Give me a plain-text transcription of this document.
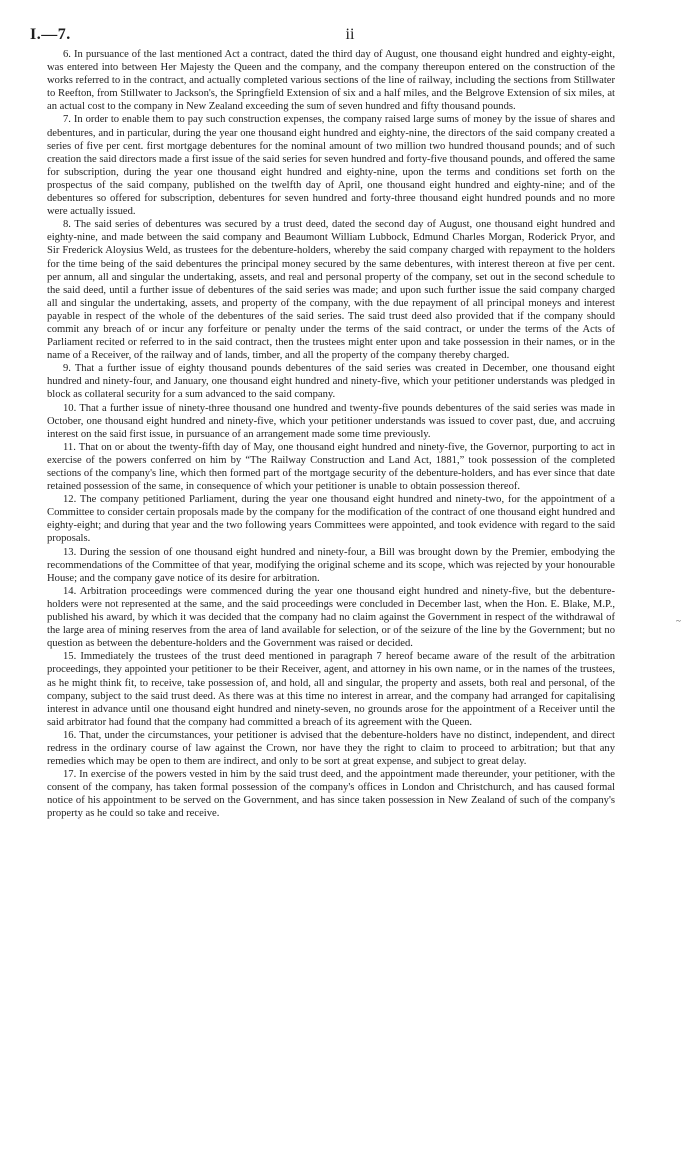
I.—7.	ii

6. In pursuance of the last mentioned Act a contract, dated the third day of August, one thousand eight hundred and eighty-eight, was entered into between Her Majesty the Queen and the company, and the company thereupon entered on the construction of the works referred to in the contract, and actually completed various sections of the line of railway, including the sections from Stillwater to Reefton, from Stillwater to Jackson's, the Springfield Extension of six and a half miles, and the Belgrove Extension of six miles, at an actual cost to the company in New Zealand exceeding the sum of seven hundred and fifty thousand pounds.

7. In order to enable them to pay such construction expenses, the company raised large sums of money by the issue of shares and debentures, and in particular, during the year one thousand eight hundred and eighty-nine, the directors of the said company created a series of five per cent. first mortgage debentures for the nominal amount of two million two hundred thousand pounds; and of such creation the said directors made a first issue of the said series for seven hundred and forty-five thousand pounds, and offered the same for subscription, during the year one thousand eight hundred and eighty-nine, upon the terms and conditions set forth on the prospectus of the said company, published on the twelfth day of April, one thousand eight hundred and eighty-nine; and of the debentures so offered for subscription, debentures for seven hundred and forty-three thousand eight hundred pounds and no more were actually issued.

8. The said series of debentures was secured by a trust deed, dated the second day of August, one thousand eight hundred and eighty-nine, and made between the said company and Beaumont William Lubbock, Edmund Charles Morgan, Roderick Pryor, and Sir Frederick Aloysius Weld, as trustees for the debenture-holders, whereby the said company charged with repayment to the holders for the time being of the said debentures the principal money secured by the same debentures, with interest thereon at five per cent. per annum, all and singular the undertaking, assets, and real and personal property of the company, set out in the second schedule to the said deed, until a further issue of debentures of the said series was made; and upon such further issue the said company charged all and singular the undertaking, assets, and property of the company, with the due repayment of all principal moneys and interest payable in respect of the whole of the debentures of the said series. The said trust deed also provided that if the company should commit any breach of or incur any forfeiture or penalty under the terms of the said contract, or under the terms of the Acts of Parliament recited or referred to in the said contract, then the trustees might enter upon and take possession in their names, or in the name of a Receiver, of the railway and of lands, timber, and all the property of the company thereby charged.

9. That a further issue of eighty thousand pounds debentures of the said series was created in December, one thousand eight hundred and ninety-four, and January, one thousand eight hundred and ninety-five, which your petitioner understands was pledged in block as collateral security for a sum advanced to the said company.

10. That a further issue of ninety-three thousand one hundred and twenty-five pounds debentures of the said series was made in October, one thousand eight hundred and ninety-five, which your petitioner understands was issued to cover past, due, and accruing interest on the said first issue, in pursuance of an arrangement made some time previously.

11. That on or about the twenty-fifth day of May, one thousand eight hundred and ninety-five, the Governor, purporting to act in exercise of the powers conferred on him by “The Railway Construction and Land Act, 1881,” took possession of the completed sections of the company's line, which then formed part of the mortgage security of the debenture-holders, and has ever since that date retained possession of the same, in consequence of which your petitioner is unable to obtain possession thereof.

12. The company petitioned Parliament, during the year one thousand eight hundred and ninety-two, for the appointment of a Committee to consider certain proposals made by the company for the modification of the contract of one thousand eight hundred and eighty-eight; and during that year and the two following years Committees were appointed, and took evidence with regard to the said proposals.

13. During the session of one thousand eight hundred and ninety-four, a Bill was brought down by the Premier, embodying the recommendations of the Committee of that year, modifying the original scheme and its scope, which was rejected by your honourable House; and the company gave notice of its desire for arbitration.

14. Arbitration proceedings were commenced during the year one thousand eight hundred and ninety-five, but the debenture-holders were not represented at the same, and the said proceedings were concluded in December last, when the Hon. E. Blake, M.P., published his award, by which it was decided that the company had no claim against the Government in respect of the withdrawal of the large area of mining reserves from the area of land available for selection, or of the seizure of the line by the Government; but no question as between the debenture-holders and the Government was raised or decided.

15. Immediately the trustees of the trust deed mentioned in paragraph 7 hereof became aware of the result of the arbitration proceedings, they appointed your petitioner to be their Receiver, agent, and attorney in his own name, or in the names of the trustees, as he might think fit, to receive, take possession of, and hold, all and singular, the property and assets, both real and personal, of the company, subject to the said trust deed. As there was at this time no interest in arrear, and the company had arranged for capitalising interest in advance until one thousand eight hundred and ninety-seven, no grounds arose for the appointment of a Receiver until the said arbitrator had found that the company had committed a breach of its agreement with the Queen.

16. That, under the circumstances, your petitioner is advised that the debenture-holders have no distinct, independent, and direct redress in the ordinary course of law against the Crown, nor have they the right to claim to proceed to arbitration; but that any remedies which may be open to them are indirect, and only to be sort at great expense, and subject to great delay.

17. In exercise of the powers vested in him by the said trust deed, and the appointment made thereunder, your petitioner, with the consent of the company, has taken formal possession of the company's offices in London and Christchurch, and has caused formal notice of his appointment to be served on the Government, and has since taken possession in New Zealand of such of the company's property as he could so take and receive.

~
